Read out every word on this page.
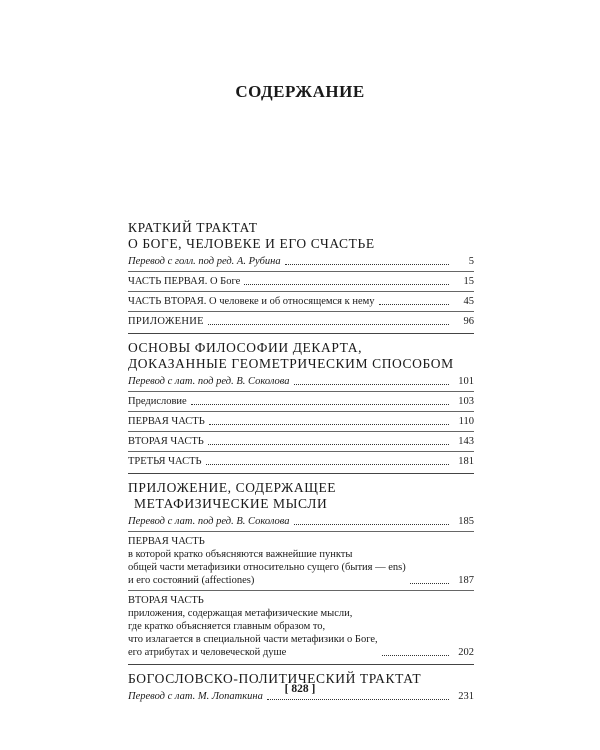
СОДЕРЖАНИЕ
КРАТКИЙ ТРАКТАТ
О БОГЕ, ЧЕЛОВЕКЕ И ЕГО СЧАСТЬЕ
Перевод с голл. под ред. А. Рубина	5
ЧАСТЬ ПЕРВАЯ. О Боге	15
ЧАСТЬ ВТОРАЯ. О человеке и об относящемся к нему	45
ПРИЛОЖЕНИЕ	96
ОСНОВЫ ФИЛОСОФИИ ДЕКАРТА,
ДОКАЗАННЫЕ ГЕОМЕТРИЧЕСКИМ СПОСОБОМ
Перевод с лат. под ред. В. Соколова	101
Предисловие	103
ПЕРВАЯ ЧАСТЬ	110
ВТОРАЯ ЧАСТЬ	143
ТРЕТЬЯ ЧАСТЬ	181
ПРИЛОЖЕНИЕ, СОДЕРЖАЩЕЕ
МЕТАФИЗИЧЕСКИЕ МЫСЛИ
Перевод с лат. под ред. В. Соколова	185
ПЕРВАЯ ЧАСТЬ
в которой кратко объясняются важнейшие пункты
общей части метафизики относительно сущего (бытия — ens)
и его состояний (affectiones)	187
ВТОРАЯ ЧАСТЬ
приложения, содержащая метафизические мысли,
где кратко объясняется главным образом то,
что излагается в специальной части метафизики о Боге,
его атрибутах и человеческой душе	202
БОГОСЛОВСКО-ПОЛИТИЧЕСКИЙ ТРАКТАТ
Перевод с лат. М. Лопаткина	231
[ 828 ]
